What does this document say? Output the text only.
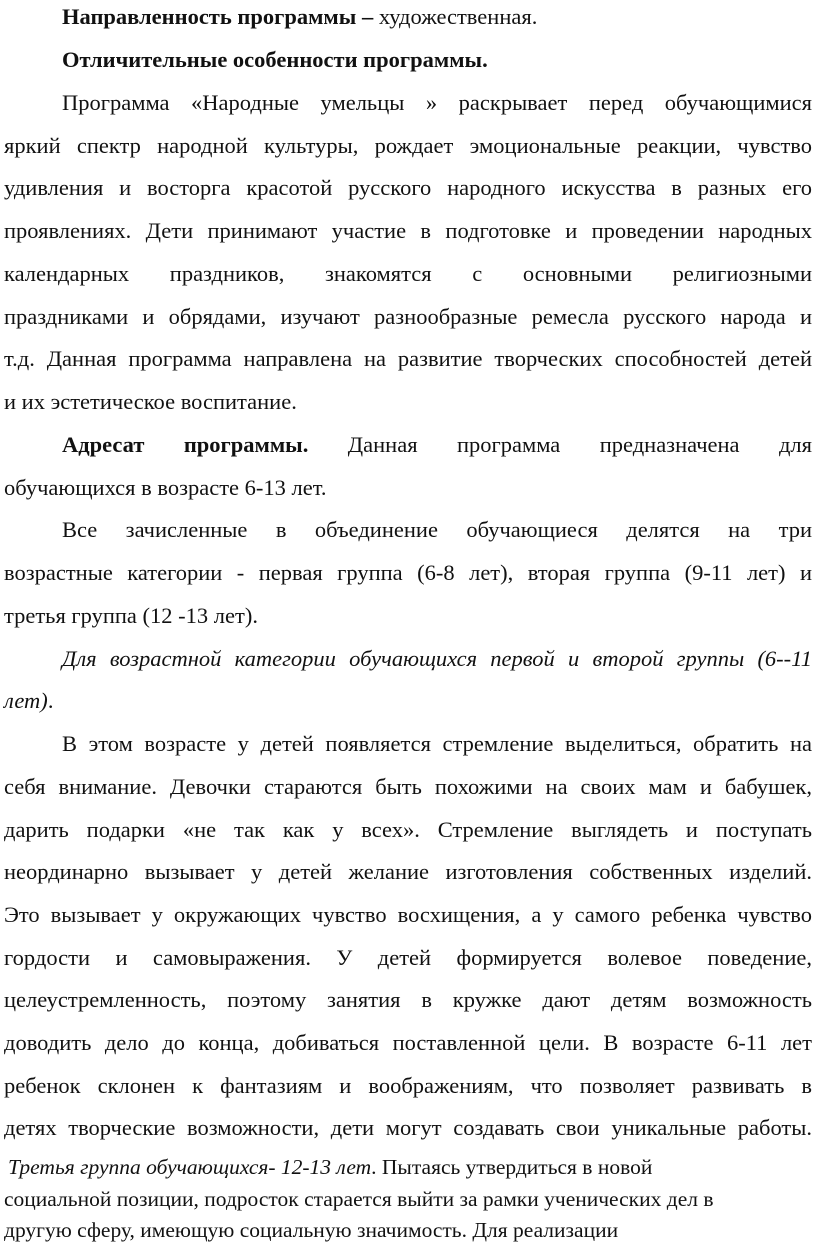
Направленность программы – художественная.
Отличительные особенности программы.
Программа «Народные умельцы » раскрывает перед обучающимися
яркий спектр народной культуры, рождает эмоциональные реакции, чувство
удивления и восторга красотой русского народного искусства в разных его
проявлениях. Дети принимают участие в подготовке и проведении народных
календарных праздников, знакомятся с основными религиозными
праздниками и обрядами, изучают разнообразные ремесла русского народа и
т.д. Данная программа направлена на развитие творческих способностей детей
и их эстетическое воспитание.
Адресат программы. Данная программа предназначена для
обучающихся в возрасте 6-13 лет.
Все зачисленные в объединение обучающиеся делятся на три
возрастные категории - первая группа (6-8 лет), вторая группа (9-11 лет) и
третья группа (12 -13 лет).
Для возрастной категории обучающихся первой и второй группы (6--11
лет).
В этом возрасте у детей появляется стремление выделиться, обратить на
себя внимание. Девочки стараются быть похожими на своих мам и бабушек,
дарить подарки «не так как у всех». Стремление выглядеть и поступать
неординарно вызывает у детей желание изготовления собственных изделий.
Это вызывает у окружающих чувство восхищения, а у самого ребенка чувство
гордости и самовыражения. У детей формируется волевое поведение,
целеустремленность, поэтому занятия в кружке дают детям возможность
доводить дело до конца, добиваться поставленной цели. В возрасте 6-11 лет
ребенок склонен к фантазиям и воображениям, что позволяет развивать в
детях творческие возможности, дети могут создавать свои уникальные работы.
Третья группа обучающихся- 12-13 лет. Пытаясь утвердиться в новой
социальной позиции, подросток старается выйти за рамки ученических дел в
другую сферу, имеющую социальную значимость. Для реализации
